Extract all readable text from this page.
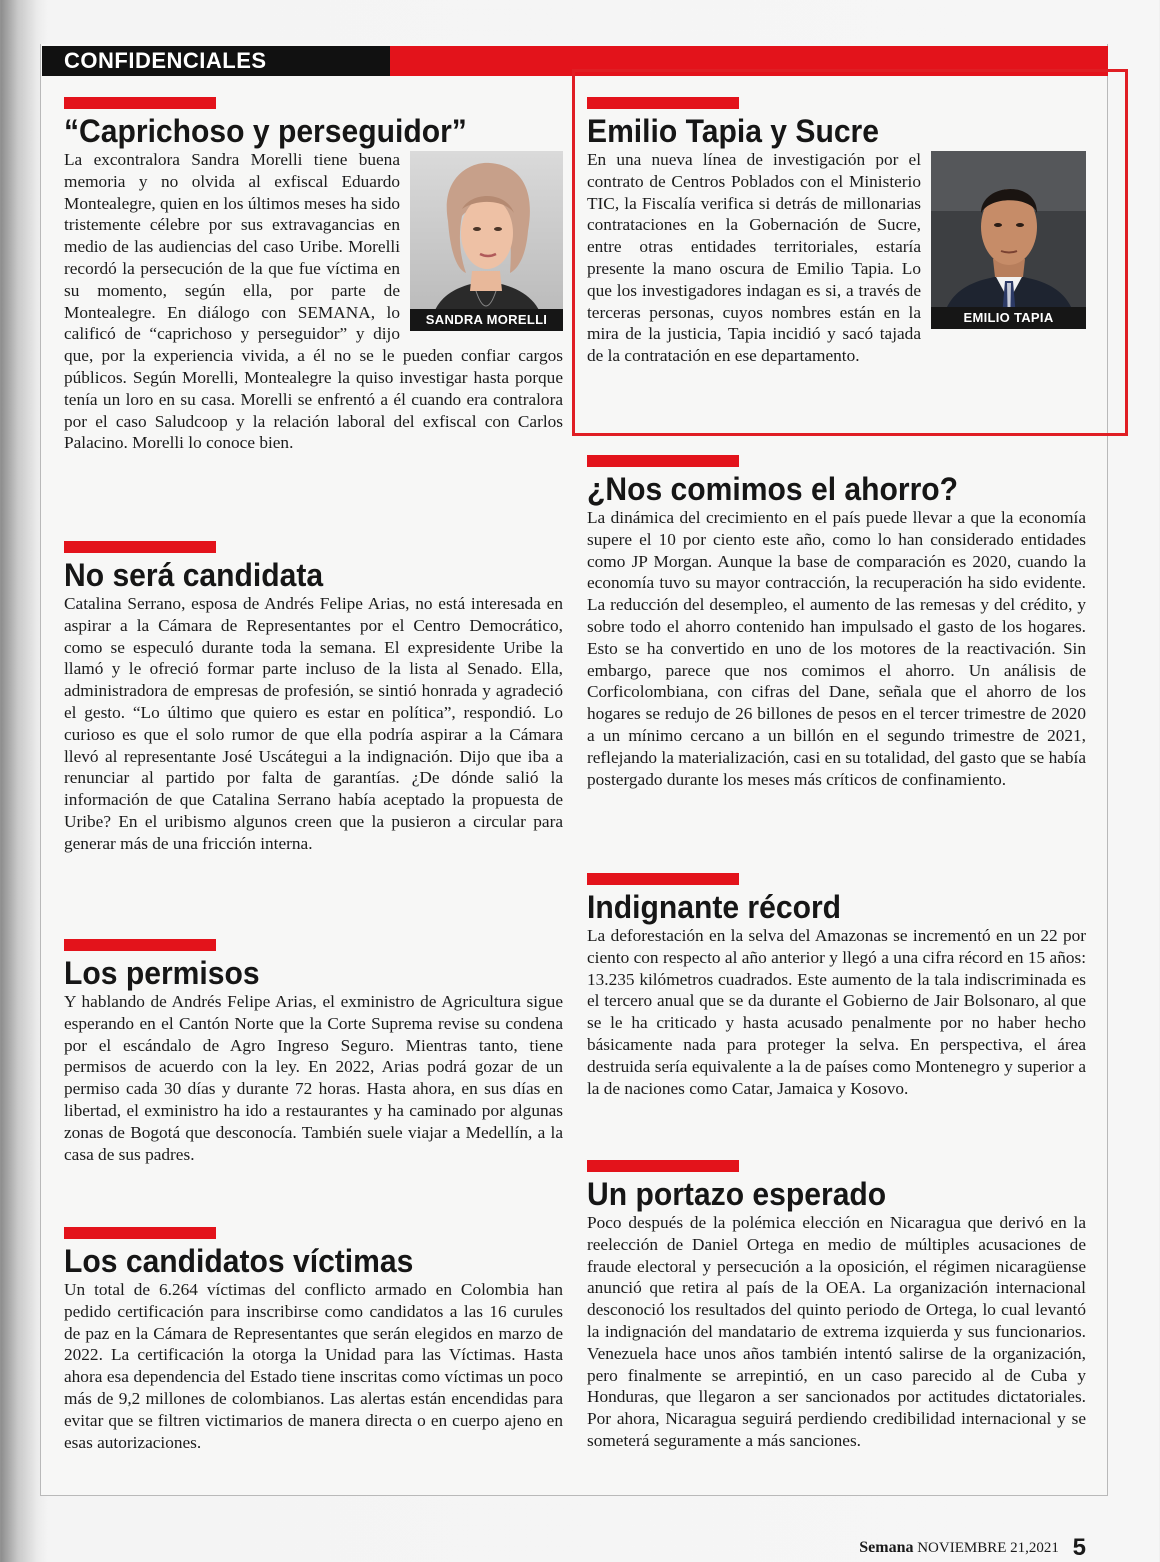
CONFIDENCIALES
“Caprichoso y perseguidor”
SANDRA MORELLI

La excontralora Sandra Morelli tiene buena memoria y no olvida al exfiscal Eduardo Montealegre, quien en los últimos meses ha sido tristemente célebre por sus extravagancias en medio de las audiencias del caso Uribe. Morelli recordó la persecución de la que fue víctima en su momento, según ella, por parte de Montealegre. En diálogo con SEMANA, lo calificó de “caprichoso y perseguidor” y dijo que, por la experiencia vivida, a él no se le pueden confiar cargos públicos. Según Morelli, Montealegre la quiso investigar hasta porque tenía un loro en su casa. Morelli se enfrentó a él cuando era contralora por el caso Saludcoop y la relación laboral del exfiscal con Carlos Palacino. Morelli lo conoce bien.

No será candidata

Catalina Serrano, esposa de Andrés Felipe Arias, no está interesada en aspirar a la Cámara de Representantes por el Centro Democrático, como se especuló durante toda la semana. El expresidente Uribe la llamó y le ofreció formar parte incluso de la lista al Senado. Ella, administradora de empresas de profesión, se sintió honrada y agradeció el gesto. “Lo último que quiero es estar en política”, respondió. Lo curioso es que el solo rumor de que ella podría aspirar a la Cámara llevó al representante José Uscátegui a la indignación. Dijo que iba a renunciar al partido por falta de garantías. ¿De dónde salió la información de que Catalina Serrano había aceptado la propuesta de Uribe? En el uribismo algunos creen que la pusieron a circular para generar más de una fricción interna.

Los permisos

Y hablando de Andrés Felipe Arias, el exministro de Agricultura sigue esperando en el Cantón Norte que la Corte Suprema revise su condena por el escándalo de Agro Ingreso Seguro. Mientras tanto, tiene permisos de acuerdo con la ley. En 2022, Arias podrá gozar de un permiso cada 30 días y durante 72 horas. Hasta ahora, en sus días en libertad, el exministro ha ido a restaurantes y ha caminado por algunas zonas de Bogotá que desconocía. También suele viajar a Medellín, a la casa de sus padres.

Los candidatos víctimas

Un total de 6.264 víctimas del conflicto armado en Colombia han pedido certificación para inscribirse como candidatos a las 16 curules de paz en la Cámara de Representantes que serán elegidos en marzo de 2022. La certificación la otorga la Unidad para las Víctimas. Hasta ahora esa dependencia del Estado tiene inscritas como víctimas un poco más de 9,2 millones de colombianos. Las alertas están encendidas para evitar que se filtren victimarios de manera directa o en cuerpo ajeno en esas autorizaciones.

Emilio Tapia y Sucre
EMILIO TAPIA

En una nueva línea de investigación por el contrato de Centros Poblados con el Ministerio TIC, la Fiscalía verifica si detrás de millonarias contrataciones en la Gobernación de Sucre, entre otras entidades territoriales, estaría presente la mano oscura de Emilio Tapia. Lo que los investigadores indagan es si, a través de terceras personas, cuyos nombres están en la mira de la justicia, Tapia incidió y sacó tajada de la contratación en ese departamento.

¿Nos comimos el ahorro?

La dinámica del crecimiento en el país puede llevar a que la economía supere el 10 por ciento este año, como lo han considerado entidades como JP Morgan. Aunque la base de comparación es 2020, cuando la economía tuvo su mayor contracción, la recuperación ha sido evidente. La reducción del desempleo, el aumento de las remesas y del crédito, y sobre todo el ahorro contenido han impulsado el gasto de los hogares. Esto se ha convertido en uno de los motores de la reactivación. Sin embargo, parece que nos comimos el ahorro. Un análisis de Corficolombiana, con cifras del Dane, señala que el ahorro de los hogares se redujo de 26 billones de pesos en el tercer trimestre de 2020 a un mínimo cercano a un billón en el segundo trimestre de 2021, reflejando la materialización, casi en su totalidad, del gasto que se había postergado durante los meses más críticos de confinamiento.

Indignante récord

La deforestación en la selva del Amazonas se incrementó en un 22 por ciento con respecto al año anterior y llegó a una cifra récord en 15 años: 13.235 kilómetros cuadrados. Este aumento de la tala indiscriminada es el tercero anual que se da durante el Gobierno de Jair Bolsonaro, al que se le ha criticado y hasta acusado penalmente por no haber hecho básicamente nada para proteger la selva. En perspectiva, el área destruida sería equivalente a la de países como Montenegro y superior a la de naciones como Catar, Jamaica y Kosovo.

Un portazo esperado

Poco después de la polémica elección en Nicaragua que derivó en la reelección de Daniel Ortega en medio de múltiples acusaciones de fraude electoral y persecución a la oposición, el régimen nicaragüense anunció que retira al país de la OEA. La organización internacional desconoció los resultados del quinto periodo de Ortega, lo cual levantó la indignación del mandatario de extrema izquierda y sus funcionarios. Venezuela hace unos años también intentó salirse de la organización, pero finalmente se arrepintió, en un caso parecido al de Cuba y Honduras, que llegaron a ser sancionados por actitudes dictatoriales. Por ahora, Nicaragua seguirá perdiendo credibilidad internacional y se someterá seguramente a más sanciones.

Semana NOVIEMBRE 21,2021 5
